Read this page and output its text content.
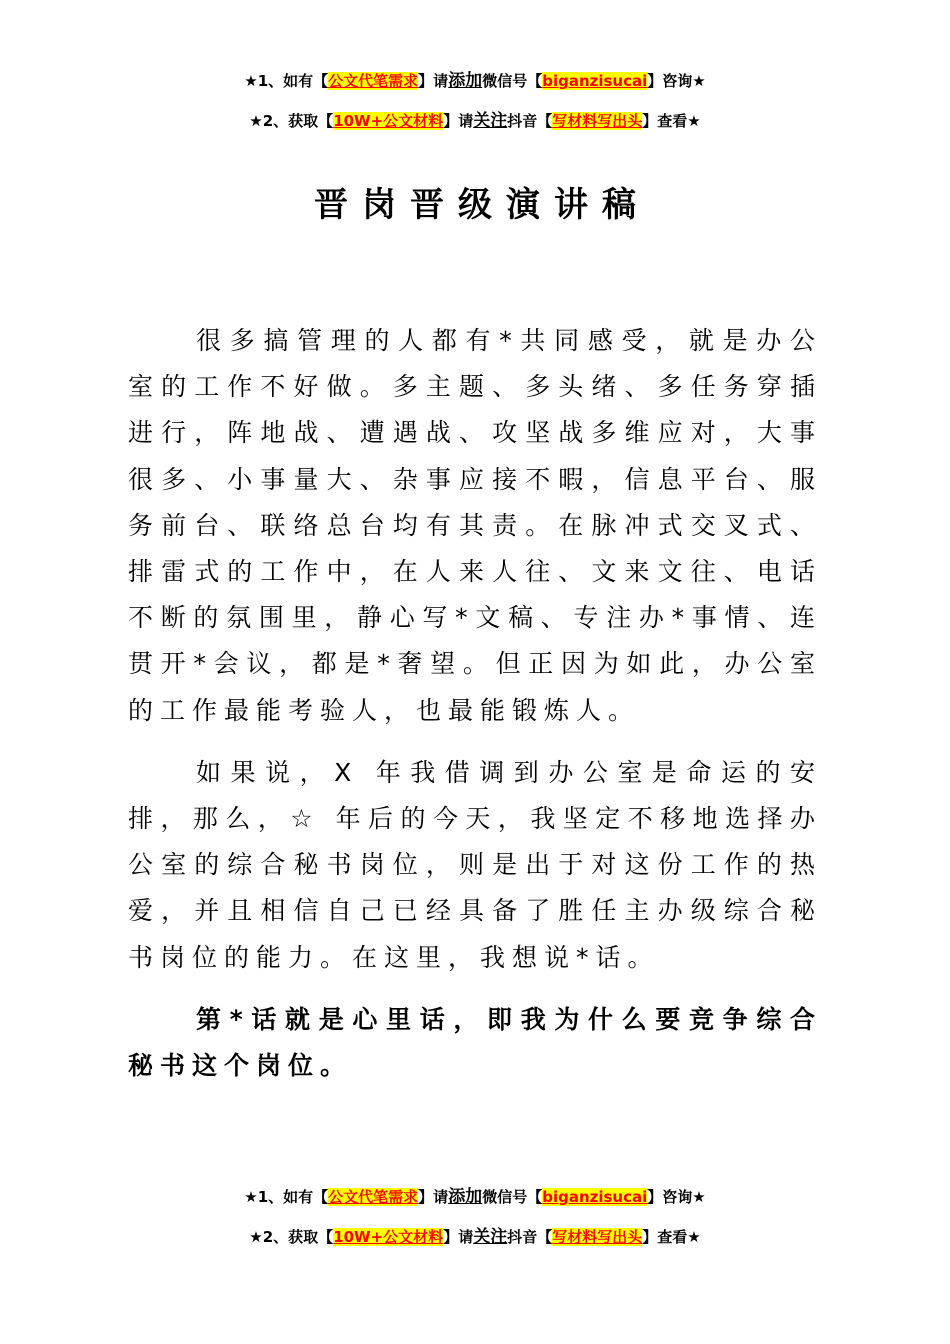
★1、如有【公文代笔需求】请添加微信号【biganzisucai】咨询★
★2、获取【10W+公文材料】请关注抖音【写材料写出头】查看★
晋岗晋级演讲稿

很多搞管理的人都有*共同感受，就是办公室的工作不好做。多主题、多头绪、多任务穿插进行，阵地战、遭遇战、攻坚战多维应对，大事很多、小事量大、杂事应接不暇，信息平台、服务前台、联络总台均有其责。在脉冲式交叉式、排雷式的工作中，在人来人往、文来文往、电话不断的氛围里，静心写*文稿、专注办*事情、连贯开*会议，都是*奢望。但正因为如此，办公室的工作最能考验人，也最能锻炼人。

如果说，X 年我借调到办公室是命运的安排，那么，☆ 年后的今天，我坚定不移地选择办公室的综合秘书岗位，则是出于对这份工作的热爱，并且相信自己已经具备了胜任主办级综合秘书岗位的能力。在这里，我想说*话。

第*话就是心里话，即我为什么要竞争综合秘书这个岗位。

★1、如有【公文代笔需求】请添加微信号【biganzisucai】咨询★
★2、获取【10W+公文材料】请关注抖音【写材料写出头】查看★
